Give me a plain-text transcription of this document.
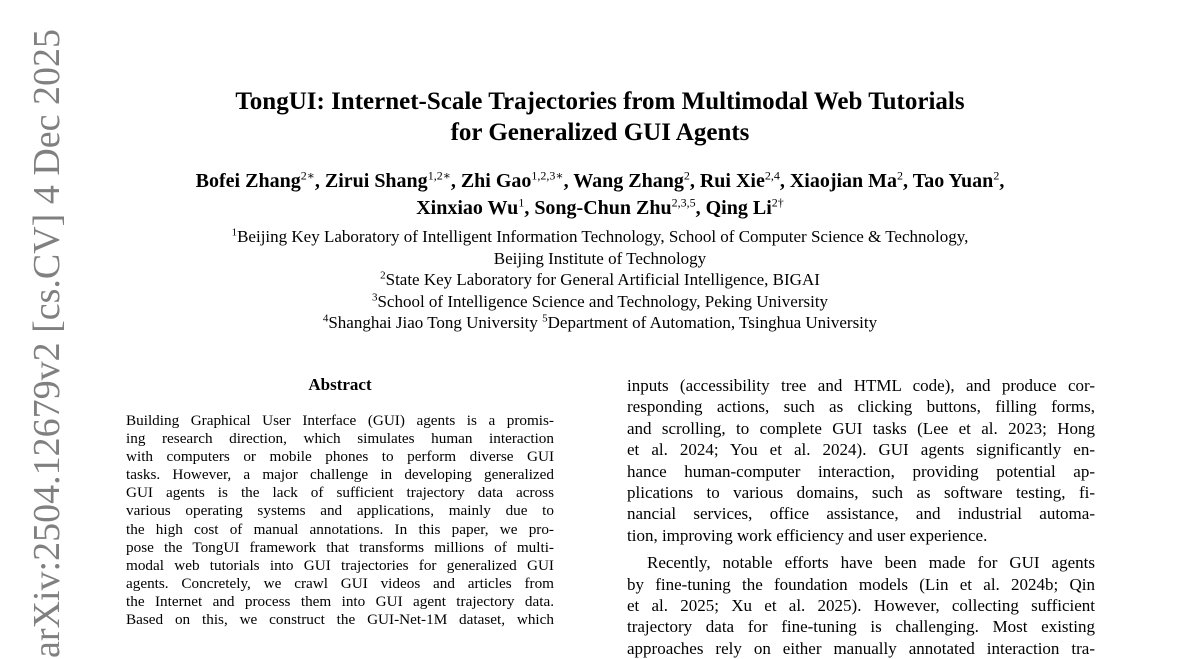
arXiv:2504.12679v2 [cs.CV] 4 Dec 2025	TongUI: Internet-Scale Trajectories from Multimodal Web Tutorials
for Generalized GUI Agents
Bofei Zhang$^{2∗}$, Zirui Shang$^{1,2∗}$, Zhi Gao$^{1,2,3∗}$, Wang Zhang$^2$, Rui Xie$^{2,4}$, Xiaojian Ma$^2$, Tao Yuan$^2$,
Xinxiao Wu$^1$, Song-Chun Zhu$^{2,3,5}$, Qing $Li^{2\dagger}$
$^1$Beijing Key Laboratory of Intelligent Information Technology, School of Computer Science & Technology,
Beijing Institute of Technology
$^2$State Key Laboratory for General Artificial Intelligence, BIGAI
$^3$School of Intelligence Science and Technology, Peking University
$^4$Shanghai Jiao Tong University $^5$Department of Automation, Tsinghua University
Abstract

Building Graphical User Interface (GUI) agents is a promis-

ing research direction, which simulates human interaction

with computers or mobile phones to perform diverse GUI

tasks. However, a major challenge in developing generalized

GUI agents is the lack of sufficient trajectory data across

various operating systems and applications, mainly due to

the high cost of manual annotations. In this paper, we pro-

pose the TongUI framework that transforms millions of multi-

modal web tutorials into GUI trajectories for generalized GUI

agents. Concretely, we crawl GUI videos and articles from

the Internet and process them into GUI agent trajectory data.

Based on this, we construct the GUI-Net-1M dataset, which

inputs (accessibility tree and HTML code), and produce cor-

responding actions, such as clicking buttons, filling forms,

and scrolling, to complete GUI tasks (Lee et al. 2023; Hong

et al. 2024; You et al. 2024). GUI agents significantly en-

hance human-computer interaction, providing potential ap-

plications to various domains, such as software testing, fi-

nancial services, office assistance, and industrial automa-

tion, improving work efficiency and user experience.

Recently, notable efforts have been made for GUI agents

by fine-tuning the foundation models (Lin et al. 2024b; Qin

et al. 2025; Xu et al. 2025). However, collecting sufficient

trajectory data for fine-tuning is challenging. Most existing

approaches rely on either manually annotated interaction tra-
